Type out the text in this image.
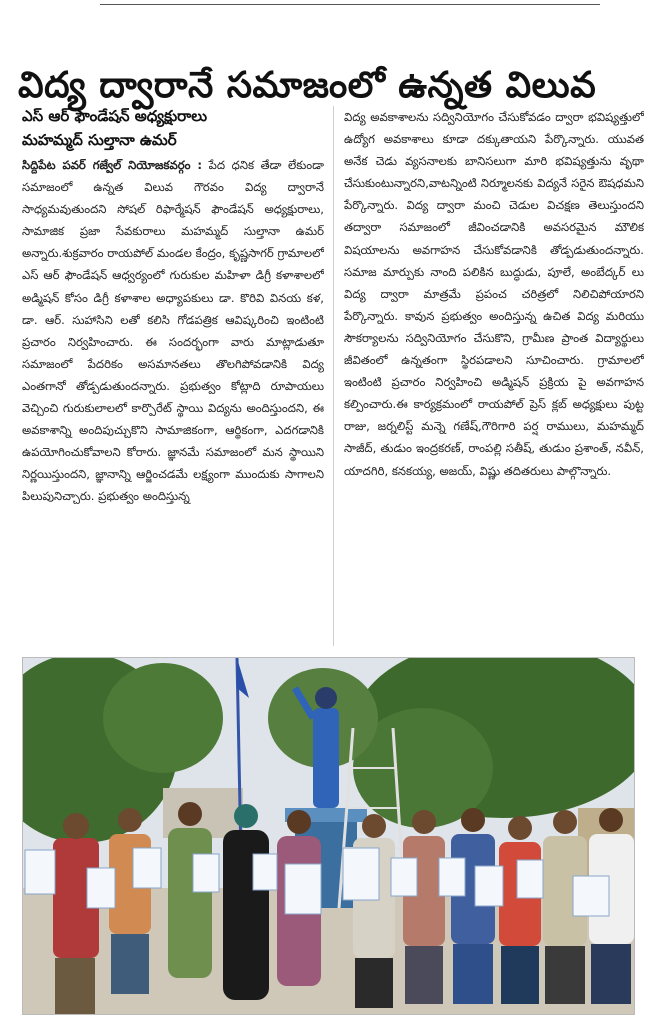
విద్య ద్వారానే సమాజంలో ఉన్నత విలువ
ఎస్ ఆర్ ఫౌండేషన్ అధ్యక్షురాలు
మహమ్మద్ సుల్తానా ఉమర్

సిద్దిపేట పవర్ గజ్వేల్ నియోజకవర్గం : పేద ధనిక తేడా లేకుండా సమాజంలో ఉన్నత విలువ గౌరవం విద్య ద్వారానే సాధ్యమవుతుందని సోషల్ రిఫార్మేషన్ ఫౌండేషన్ అధ్యక్షురాలు, సామాజిక ప్రజా సేవకురాలు మహమ్మద్ సుల్తానా ఉమర్ అన్నారు.శుక్రవారం రాయపోల్ మండల కేంద్రం, కృష్ణసాగర్ గ్రామాలలో ఎస్ ఆర్ ఫౌండేషన్ ఆధ్వర్యంలో గురుకుల మహిళా డిగ్రీ కళాశాలలో అడ్మిషన్ కోసం డిగ్రీ కళాశాల అధ్యాపకులు డా. కొరివి వినయ కళ, డా. ఆర్. సుహాసిని లతో కలిసి గోడపత్రిక ఆవిష్కరించి ఇంటింటి ప్రచారం నిర్వహించారు. ఈ సందర్భంగా వారు మాట్లాడుతూ సమాజంలో పేదరికం అసమానతలు తొలగిపోవడానికి విద్య ఎంతగానో తోడ్పడుతుందన్నారు. ప్రభుత్వం కోట్లాది రూపాయలు వెచ్చించి గురుకులాలలో కార్పొరేట్ స్థాయి విద్యను అందిస్తుందని, ఈ అవకాశాన్ని అందిపుచ్చుకొని సామాజికంగా, ఆర్థికంగా, ఎదగడానికి ఉపయోగించుకోవాలని కోరారు. జ్ఞానమే సమాజంలో మన స్థాయిని నిర్ణయిస్తుందని, జ్ఞానాన్ని ఆర్జించడమే లక్ష్యంగా ముందుకు సాగాలని పిలుపునిచ్చారు. ప్రభుత్వం అందిస్తున్న

విద్య అవకాశాలను సద్వినియోగం చేసుకోవడం ద్వారా భవిష్యత్తులో ఉద్యోగ అవకాశాలు కూడా దక్కుతాయని పేర్కొన్నారు. యువత అనేక చెడు వ్యసనాలకు బానిసలుగా మారి భవిష్యత్తును వృథా చేసుకుంటున్నారని,వాటన్నింటి నిర్మూలనకు విద్యనే సరైన ఔషధమని పేర్కొన్నారు. విద్య ద్వారా మంచి చెడుల విచక్షణ తెలుస్తుందని తద్వారా సమాజంలో జీవించడానికి అవసరమైన మౌలిక విషయాలను అవగాహన చేసుకోవడానికి తోడ్పడుతుందన్నారు. సమాజ మార్పుకు నాంది పలికిన బుద్ధుడు, పూలే, అంబేద్కర్ లు విద్య ద్వారా మాత్రమే ప్రపంచ చరిత్రలో నిలిచిపోయారని పేర్కొన్నారు. కావున ప్రభుత్వం అందిస్తున్న ఉచిత విద్య మరియు సౌకర్యాలను సద్వినియోగం చేసుకొని, గ్రామీణ ప్రాంత విద్యార్థులు జీవితంలో ఉన్నతంగా స్థిరపడాలని సూచించారు. గ్రామాలలో ఇంటింటి ప్రచారం నిర్వహించి అడ్మిషన్ ప్రక్రియ పై అవగాహన కల్పించారు.ఈ కార్యక్రమంలో రాయపోల్ ప్రెస్ క్లబ్ అధ్యక్షులు పుట్ట రాజు, జర్నలిస్ట్ మన్నె గణేష్,గౌరిగారి పర్ష రాములు, మహమ్మద్ సాజీద్, తుడుం ఇంద్రకరణ్, రాంపల్లి సతీష్, తుడుం ప్రశాంత్, నవీన్, యాదగిరి, కనకయ్య, అజయ్, విష్ణు తదితరులు పాల్గొన్నారు.
